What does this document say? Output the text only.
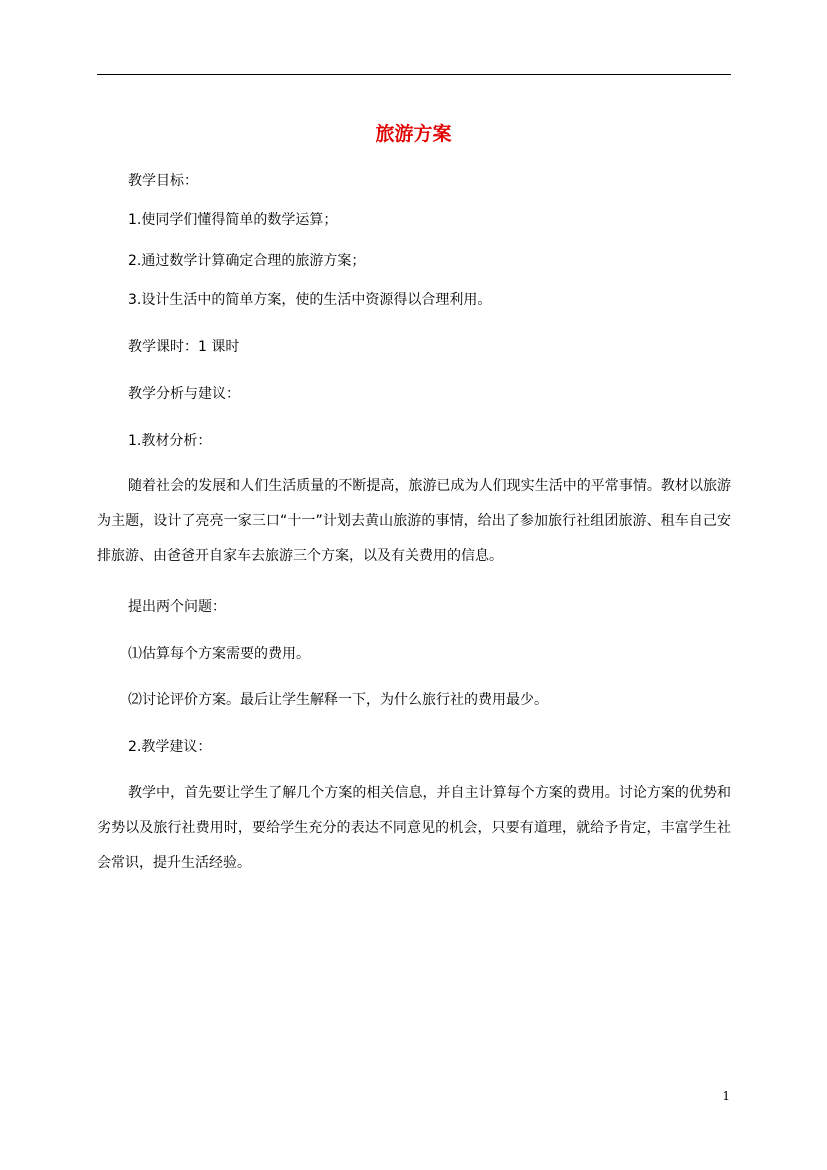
旅游方案
教学目标：
1.使同学们懂得简单的数学运算；
2.通过数学计算确定合理的旅游方案；
3.设计生活中的简单方案，使的生活中资源得以合理利用。
教学课时：1 课时
教学分析与建议：
1.教材分析：

随着社会的发展和人们生活质量的不断提高，旅游已成为人们现实生活中的平常事情。教材以旅游为主题，设计了亮亮一家三口“十一”计划去黄山旅游的事情，给出了参加旅行社组团旅游、租车自己安排旅游、由爸爸开自家车去旅游三个方案，以及有关费用的信息。

提出两个问题：
⑴估算每个方案需要的费用。
⑵讨论评价方案。最后让学生解释一下，为什么旅行社的费用最少。
2.教学建议：

教学中，首先要让学生了解几个方案的相关信息，并自主计算每个方案的费用。讨论方案的优势和劣势以及旅行社费用时，要给学生充分的表达不同意见的机会，只要有道理，就给予肯定，丰富学生社会常识，提升生活经验。

1
